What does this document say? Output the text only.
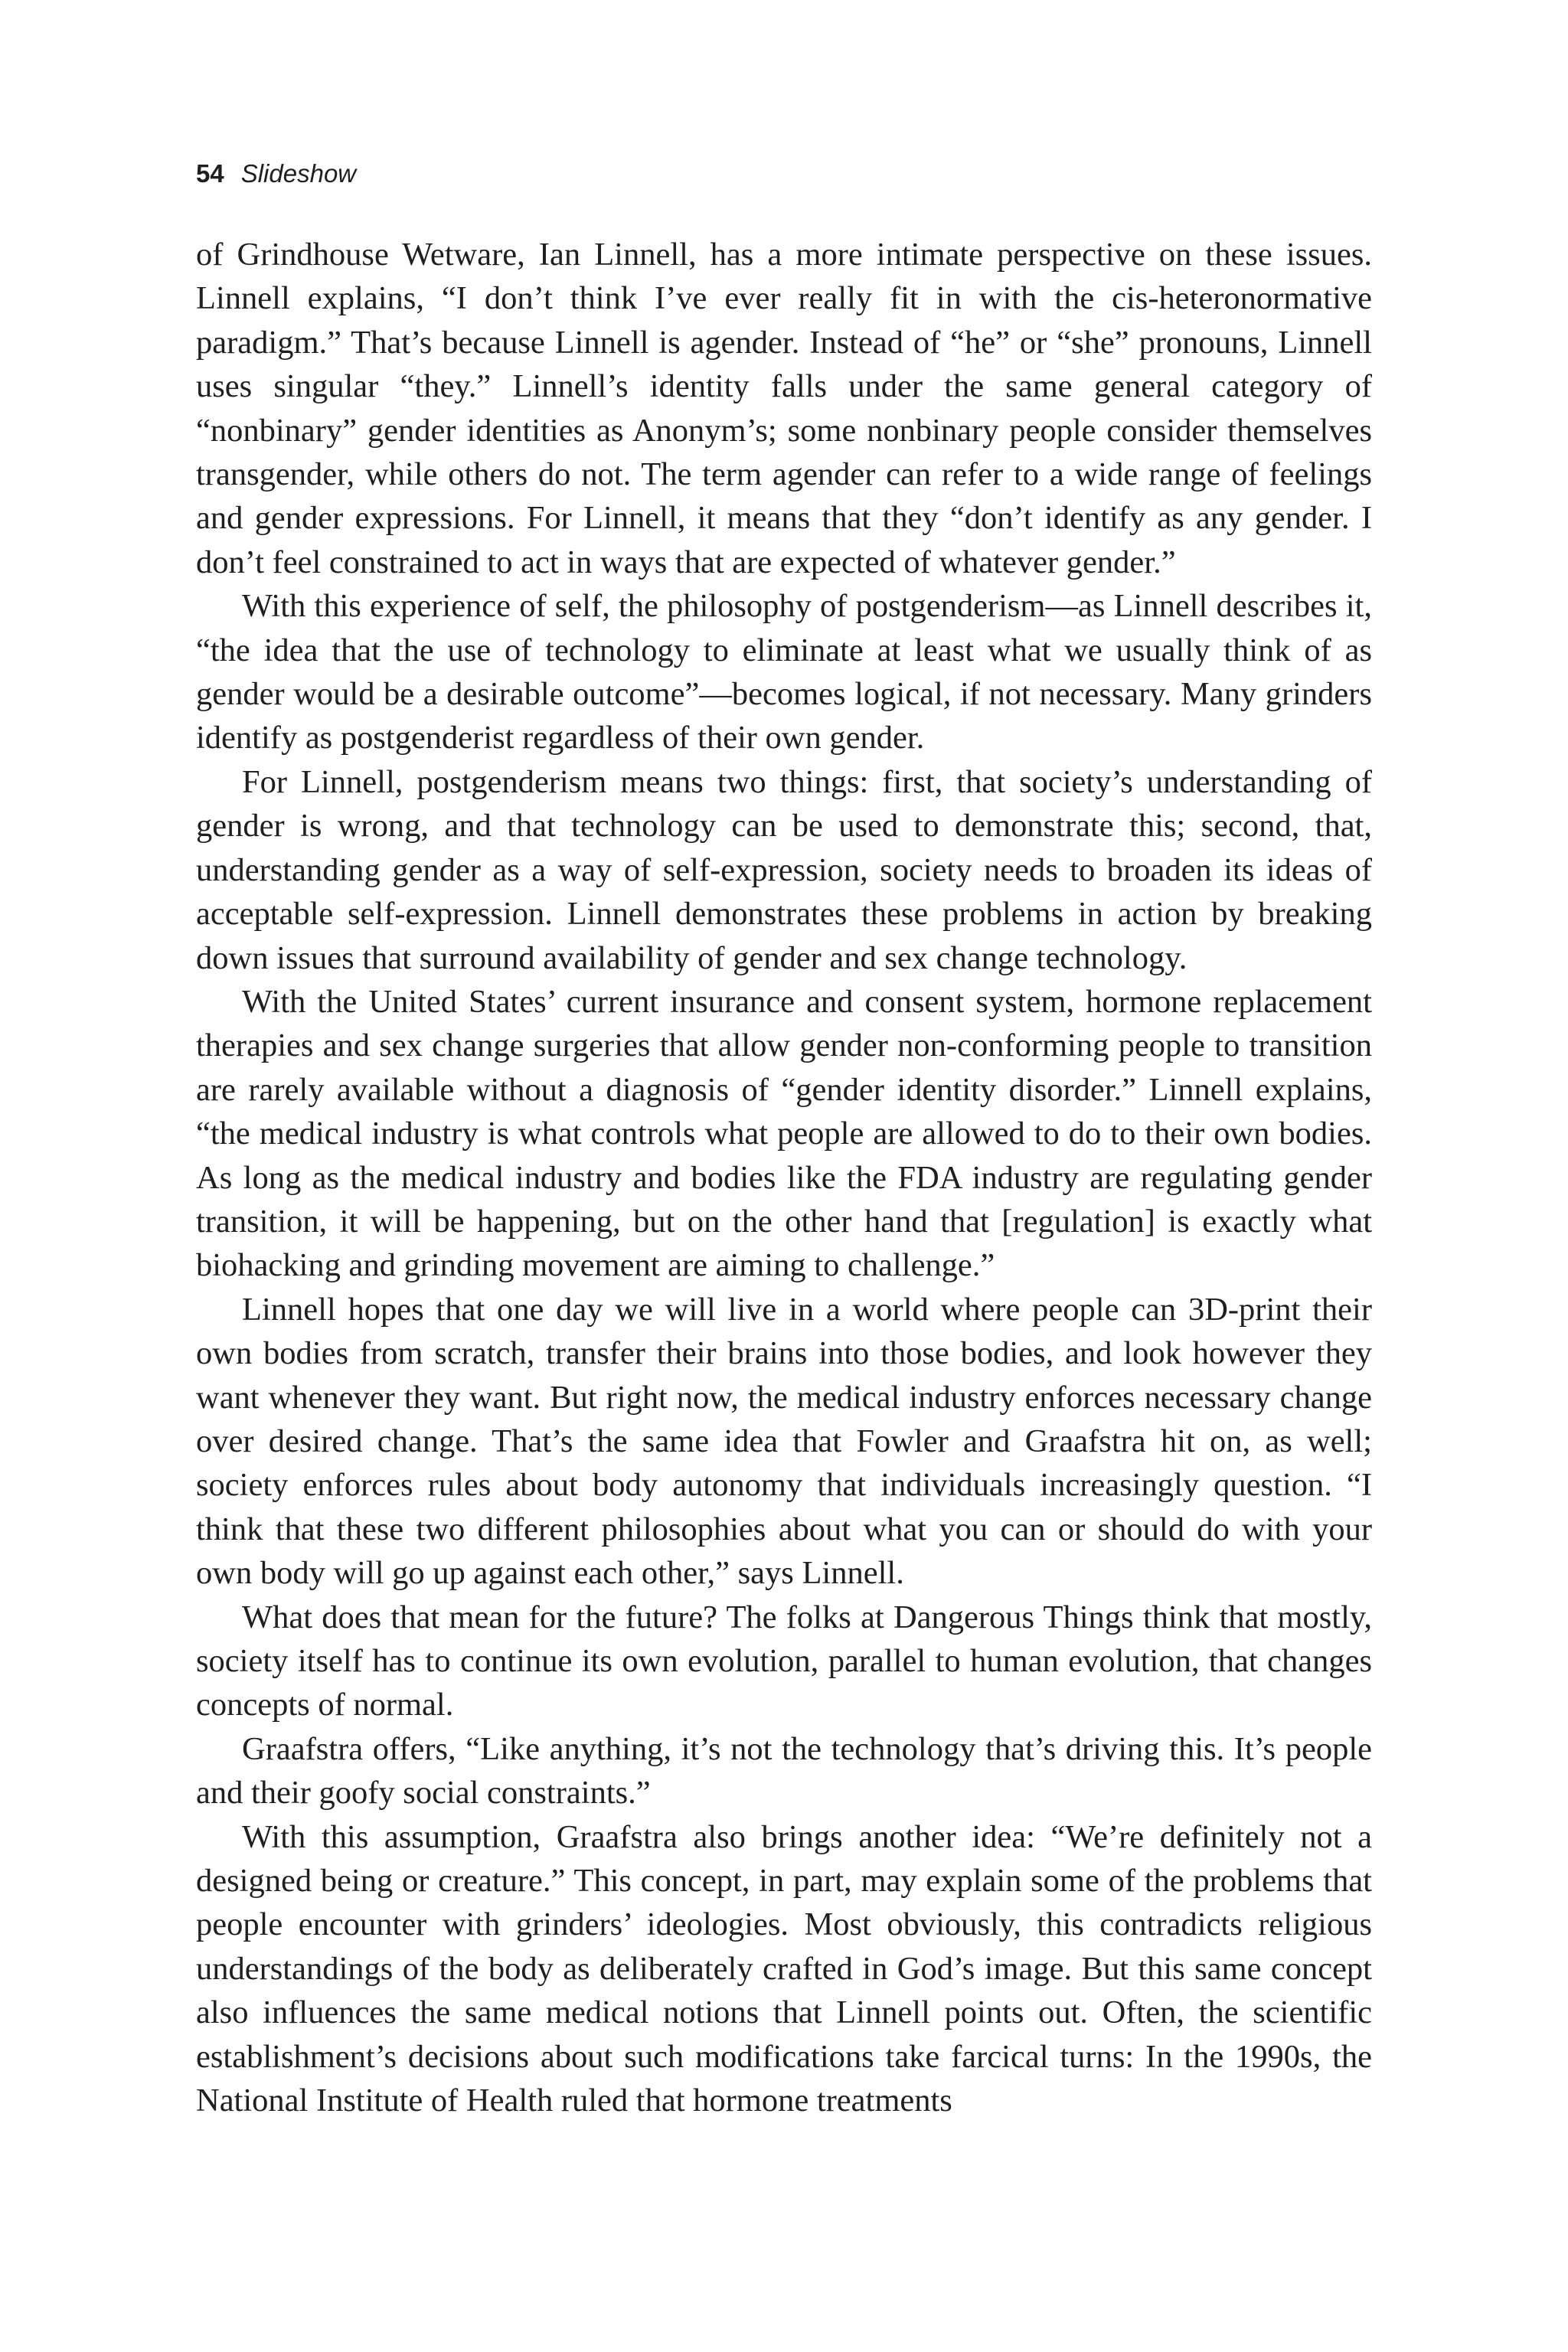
54 Slideshow

of Grindhouse Wetware, Ian Linnell, has a more intimate perspective on these issues. Linnell explains, “I don’t think I’ve ever really fit in with the cis-heteronormative paradigm.” That’s because Linnell is agender. Instead of “he” or “she” pronouns, Linnell uses singular “they.” Linnell’s identity falls under the same general category of “nonbinary” gender identities as Anonym’s; some nonbinary people consider themselves transgender, while others do not. The term agender can refer to a wide range of feelings and gender expressions. For Linnell, it means that they “don’t identify as any gender. I don’t feel constrained to act in ways that are expected of whatever gender.”

With this experience of self, the philosophy of postgenderism—as Linnell describes it, “the idea that the use of technology to eliminate at least what we usually think of as gender would be a desirable outcome”—becomes logical, if not necessary. Many grinders identify as postgenderist regardless of their own gender.

For Linnell, postgenderism means two things: first, that society’s understanding of gender is wrong, and that technology can be used to demonstrate this; second, that, understanding gender as a way of self-expression, society needs to broaden its ideas of acceptable self-expression. Linnell demonstrates these problems in action by breaking down issues that surround availability of gender and sex change technology.

With the United States’ current insurance and consent system, hormone replacement therapies and sex change surgeries that allow gender non-conforming people to transition are rarely available without a diagnosis of “gender identity disorder.” Linnell explains, “the medical industry is what controls what people are allowed to do to their own bodies. As long as the medical industry and bodies like the FDA industry are regulating gender transition, it will be happening, but on the other hand that [regulation] is exactly what biohacking and grinding movement are aiming to challenge.”

Linnell hopes that one day we will live in a world where people can 3D-print their own bodies from scratch, transfer their brains into those bodies, and look however they want whenever they want. But right now, the medical industry enforces necessary change over desired change. That’s the same idea that Fowler and Graafstra hit on, as well; society enforces rules about body autonomy that individuals increasingly question. “I think that these two different philosophies about what you can or should do with your own body will go up against each other,” says Linnell.

What does that mean for the future? The folks at Dangerous Things think that mostly, society itself has to continue its own evolution, parallel to human evolution, that changes concepts of normal.

Graafstra offers, “Like anything, it’s not the technology that’s driving this. It’s people and their goofy social constraints.”

With this assumption, Graafstra also brings another idea: “We’re definitely not a designed being or creature.” This concept, in part, may explain some of the problems that people encounter with grinders’ ideologies. Most obviously, this contradicts religious understandings of the body as deliberately crafted in God’s image. But this same concept also influences the same medical notions that Linnell points out. Often, the scientific establishment’s decisions about such modifications take farcical turns: In the 1990s, the National Institute of Health ruled that hormone treatments
